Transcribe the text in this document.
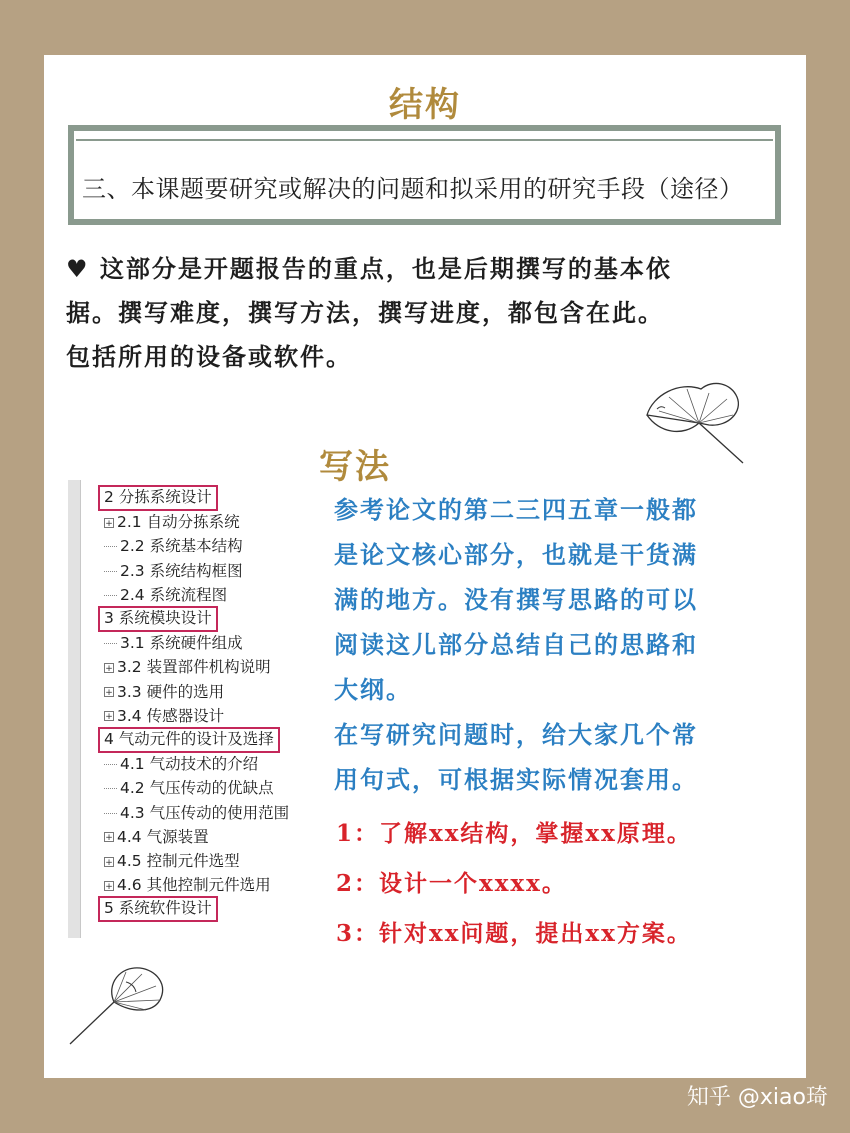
结构
三、本课题要研究或解决的问题和拟采用的研究手段（途径）
♥ 这部分是开题报告的重点，也是后期撰写的基本依
据。撰写难度，撰写方法，撰写进度，都包含在此。
包括所用的设备或软件。
写法
2 分拣系统设计
+ 2.1 自动分拣系统
2.2 系统基本结构
2.3 系统结构框图
2.4 系统流程图
3 系统模块设计
3.1 系统硬件组成
+ 3.2 装置部件机构说明
+ 3.3 硬件的选用
+ 3.4 传感器设计
4 气动元件的设计及选择
4.1 气动技术的介绍
4.2 气压传动的优缺点
4.3 气压传动的使用范围
+ 4.4 气源装置
+ 4.5 控制元件选型
+ 4.6 其他控制元件选用
5 系统软件设计
参考论文的第二三四五章一般都
是论文核心部分，也就是干货满
满的地方。没有撰写思路的可以
阅读这儿部分总结自己的思路和
大纲。
在写研究问题时，给大家几个常
用句式，可根据实际情况套用。
1：了解xx结构，掌握xx原理。
2：设计一个xxxx。
3：针对xx问题，提出xx方案。
知乎 @xiao琦
